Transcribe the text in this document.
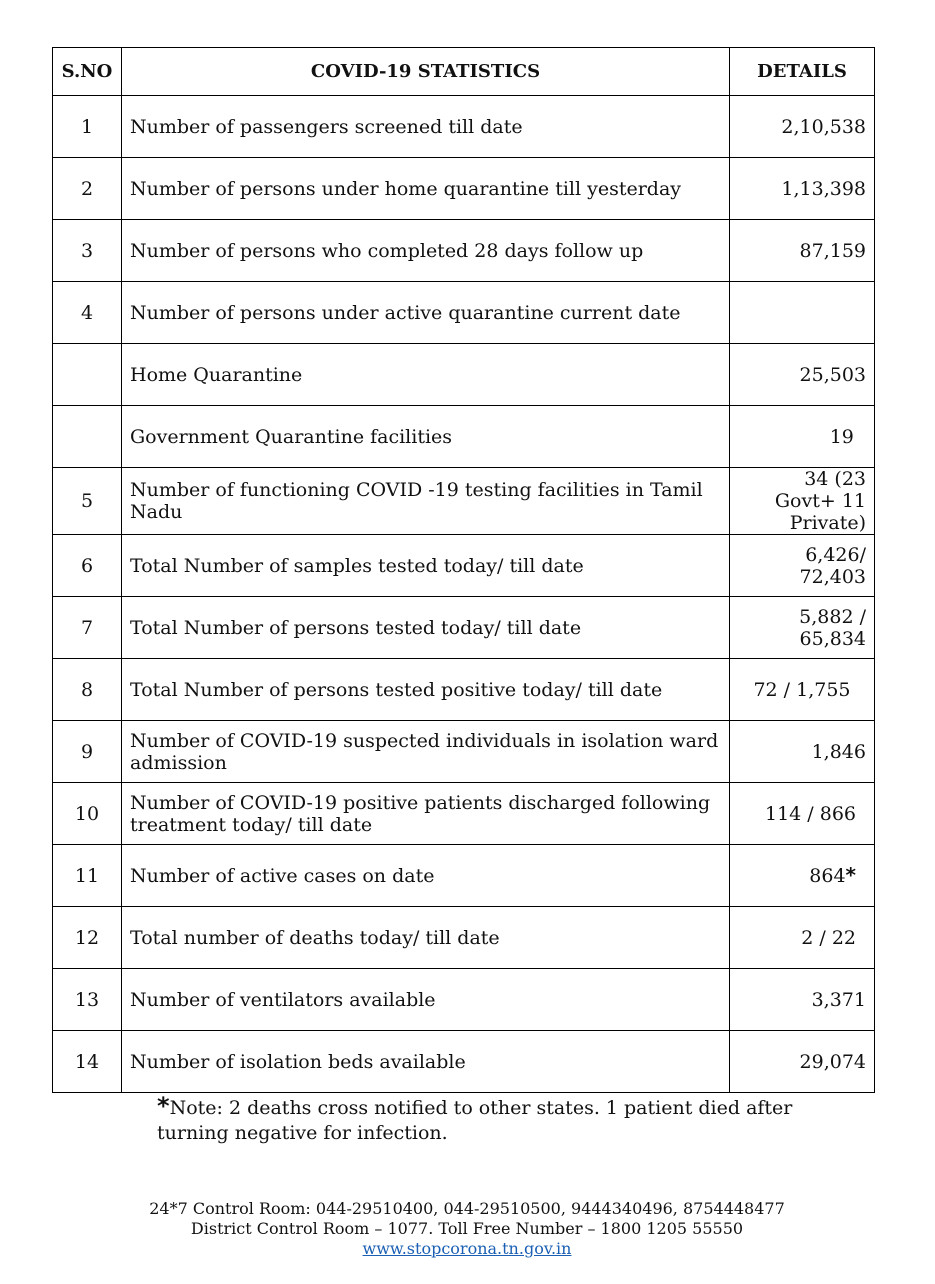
S.NO	COVID-19 STATISTICS	DETAILS
1	Number of passengers screened till date	2,10,538
2	Number of persons under home quarantine till yesterday	1,13,398
3	Number of persons who completed 28 days follow up	87,159
4	Number of persons under active quarantine current date	
	Home Quarantine	25,503
	Government Quarantine facilities	19
5	Number of functioning COVID -19 testing facilities in Tamil Nadu	34 (23 Govt+ 11 Private)
6	Total Number of samples tested today/ till date	6,426/ 72,403
7	Total Number of persons tested today/ till date	5,882 / 65,834
8	Total Number of persons tested positive today/ till date	72 / 1,755
9	Number of COVID-19 suspected individuals in isolation ward admission	1,846
10	Number of COVID-19 positive patients discharged following treatment today/ till date	114 / 866
11	Number of active cases on date	864*
12	Total number of deaths today/ till date	2 / 22
13	Number of ventilators available	3,371
14	Number of isolation beds available	29,074
*Note: 2 deaths cross notified to other states. 1 patient died after turning negative for infection.
24*7 Control Room: 044-29510400, 044-29510500, 9444340496, 8754448477
District Control Room – 1077. Toll Free Number – 1800 1205 55550
www.stopcorona.tn.gov.in
